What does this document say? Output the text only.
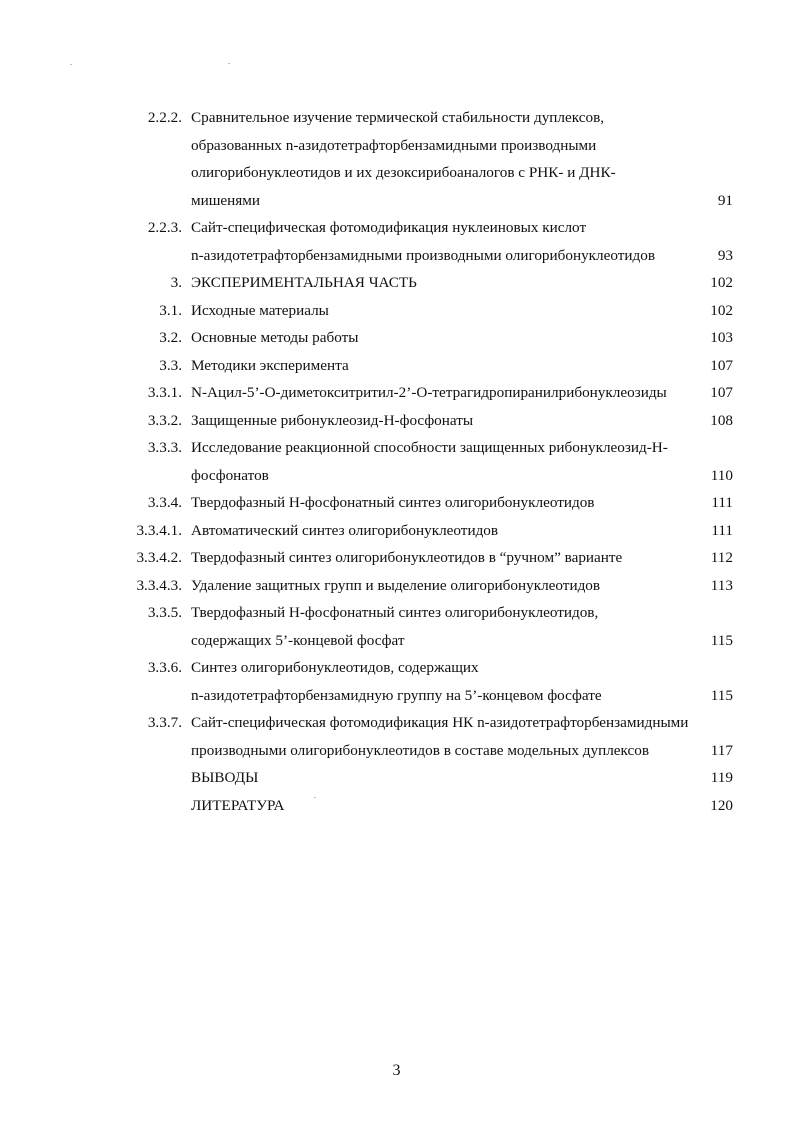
2.2.2. Сравнительное изучение термической стабильности дуплексов,
образованных n-азидотетрафторбензамидными производными
олигорибонуклеотидов и их дезоксирибоаналогов с РНК- и ДНК-
мишенями	91
2.2.3. Сайт-специфическая фотомодификация нуклеиновых кислот
n-азидотетрафторбензамидными производными олигорибонуклеотидов	93
3. ЭКСПЕРИМЕНТАЛЬНАЯ ЧАСТЬ	102
3.1. Исходные материалы	102
3.2. Основные методы работы	103
3.3. Методики эксперимента	107
3.3.1. N-Ацил-5’-О-диметокситритил-2’-О-тетрагидропиранилрибонуклеозиды	107
3.3.2. Защищенные рибонуклеозид-Н-фосфонаты	108
3.3.3. Исследование реакционной способности защищенных рибонуклеозид-Н-
фосфонатов	110
3.3.4. Твердофазный Н-фосфонатный синтез олигорибонуклеотидов	111
3.3.4.1. Автоматический синтез олигорибонуклеотидов	111
3.3.4.2. Твердофазный синтез олигорибонуклеотидов в “ручном” варианте	112
3.3.4.3. Удаление защитных групп и выделение олигорибонуклеотидов	113
3.3.5. Твердофазный Н-фосфонатный синтез олигорибонуклеотидов,
содержащих 5’-концевой фосфат	115
3.3.6. Синтез олигорибонуклеотидов, содержащих
n-азидотетрафторбензамидную группу на 5’-концевом фосфате	115
3.3.7. Сайт-специфическая фотомодификация НК n-азидотетрафторбензамидными
производными олигорибонуклеотидов в составе модельных дуплексов	117
ВЫВОДЫ	119
ЛИТЕРАТУРА	120
3
